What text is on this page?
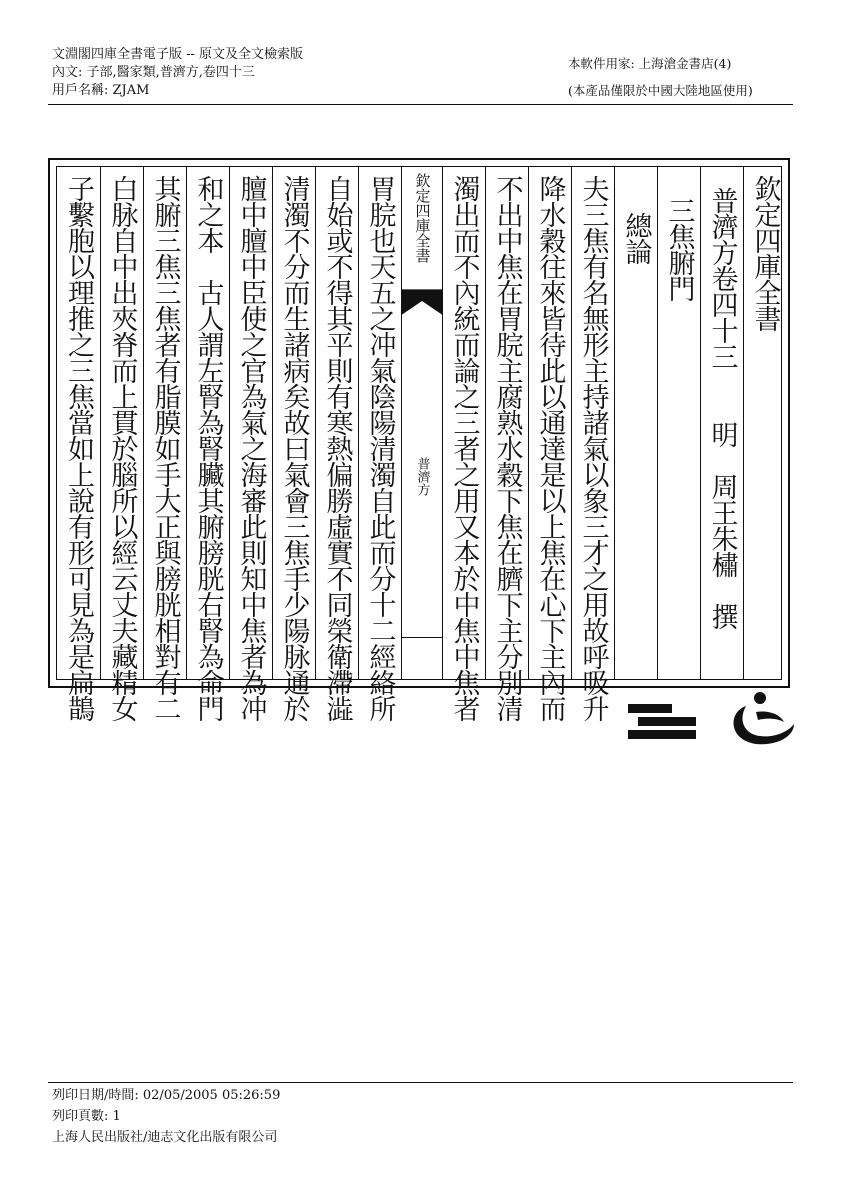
文淵閣四庫全書電子版 -- 原文及全文檢索版
內文: 子部,醫家類,普濟方,卷四十三
用戶名稱: ZJAM
本軟件用家: 上海滄金書店(4)
(本產品僅限於中國大陸地區使用)
子繫胞以理推之三焦當如上說有形可見為是扁鵲 白脉自中出夾脊而上貫於腦所以經云丈夫藏精女 其腑三焦三焦者有脂膜如手大正與膀胱相對有二 和之本　古人謂左腎為腎臟其腑膀胱右腎為命門 膻中膻中臣使之官為氣之海審此則知中焦者為冲 清濁不分而生諸病矣故曰氣會三焦手少陽脉通於 自始或不得其平則有寒熱偏勝虛實不同榮衛滯澁 胃脘也天五之冲氣陰陽清濁自此而分十二經絡所 欽定四庫全書
普濟方 濁出而不內統而論之三者之用又本於中焦中焦者 不出中焦在胃脘主腐熟水穀下焦在臍下主分別清 降水穀往來皆待此以通達是以上焦在心下主內而 夫三焦有名無形主持諸氣以象三才之用故呼吸升 總論 三焦腑門 普濟方卷四十三　　明　周王朱橚　撰 欽定四庫全書
列印日期/時間: 02/05/2005 05:26:59
列印頁數: 1
上海人民出版社/迪志文化出版有限公司
